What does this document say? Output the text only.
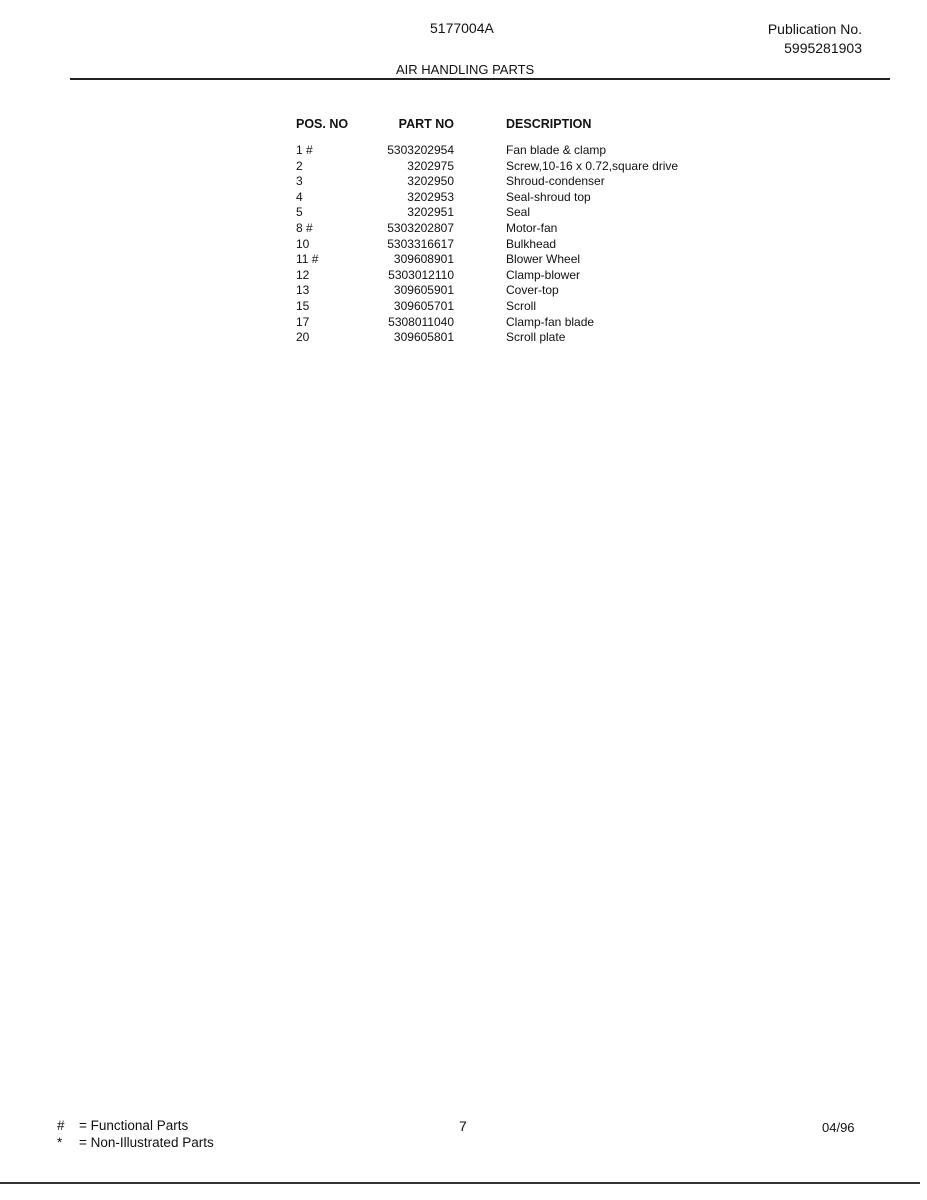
5177004A	Publication No.
5995281903
AIR HANDLING PARTS
POS. NO	PART NO		DESCRIPTION
1 #	5303202954		Fan blade & clamp
2	3202975		Screw,10-16 x 0.72,square drive
3	3202950		Shroud-condenser
4	3202953		Seal-shroud top
5	3202951		Seal
8 #	5303202807		Motor-fan
10	5303316617		Bulkhead
11 #	309608901		Blower Wheel
12	5303012110		Clamp-blower
13	309605901		Cover-top
15	309605701		Scroll
17	5308011040		Clamp-fan blade
20	309605801		Scroll plate
#	=
Functional Parts
*	=
Non-Illustrated Parts
7	04/96
